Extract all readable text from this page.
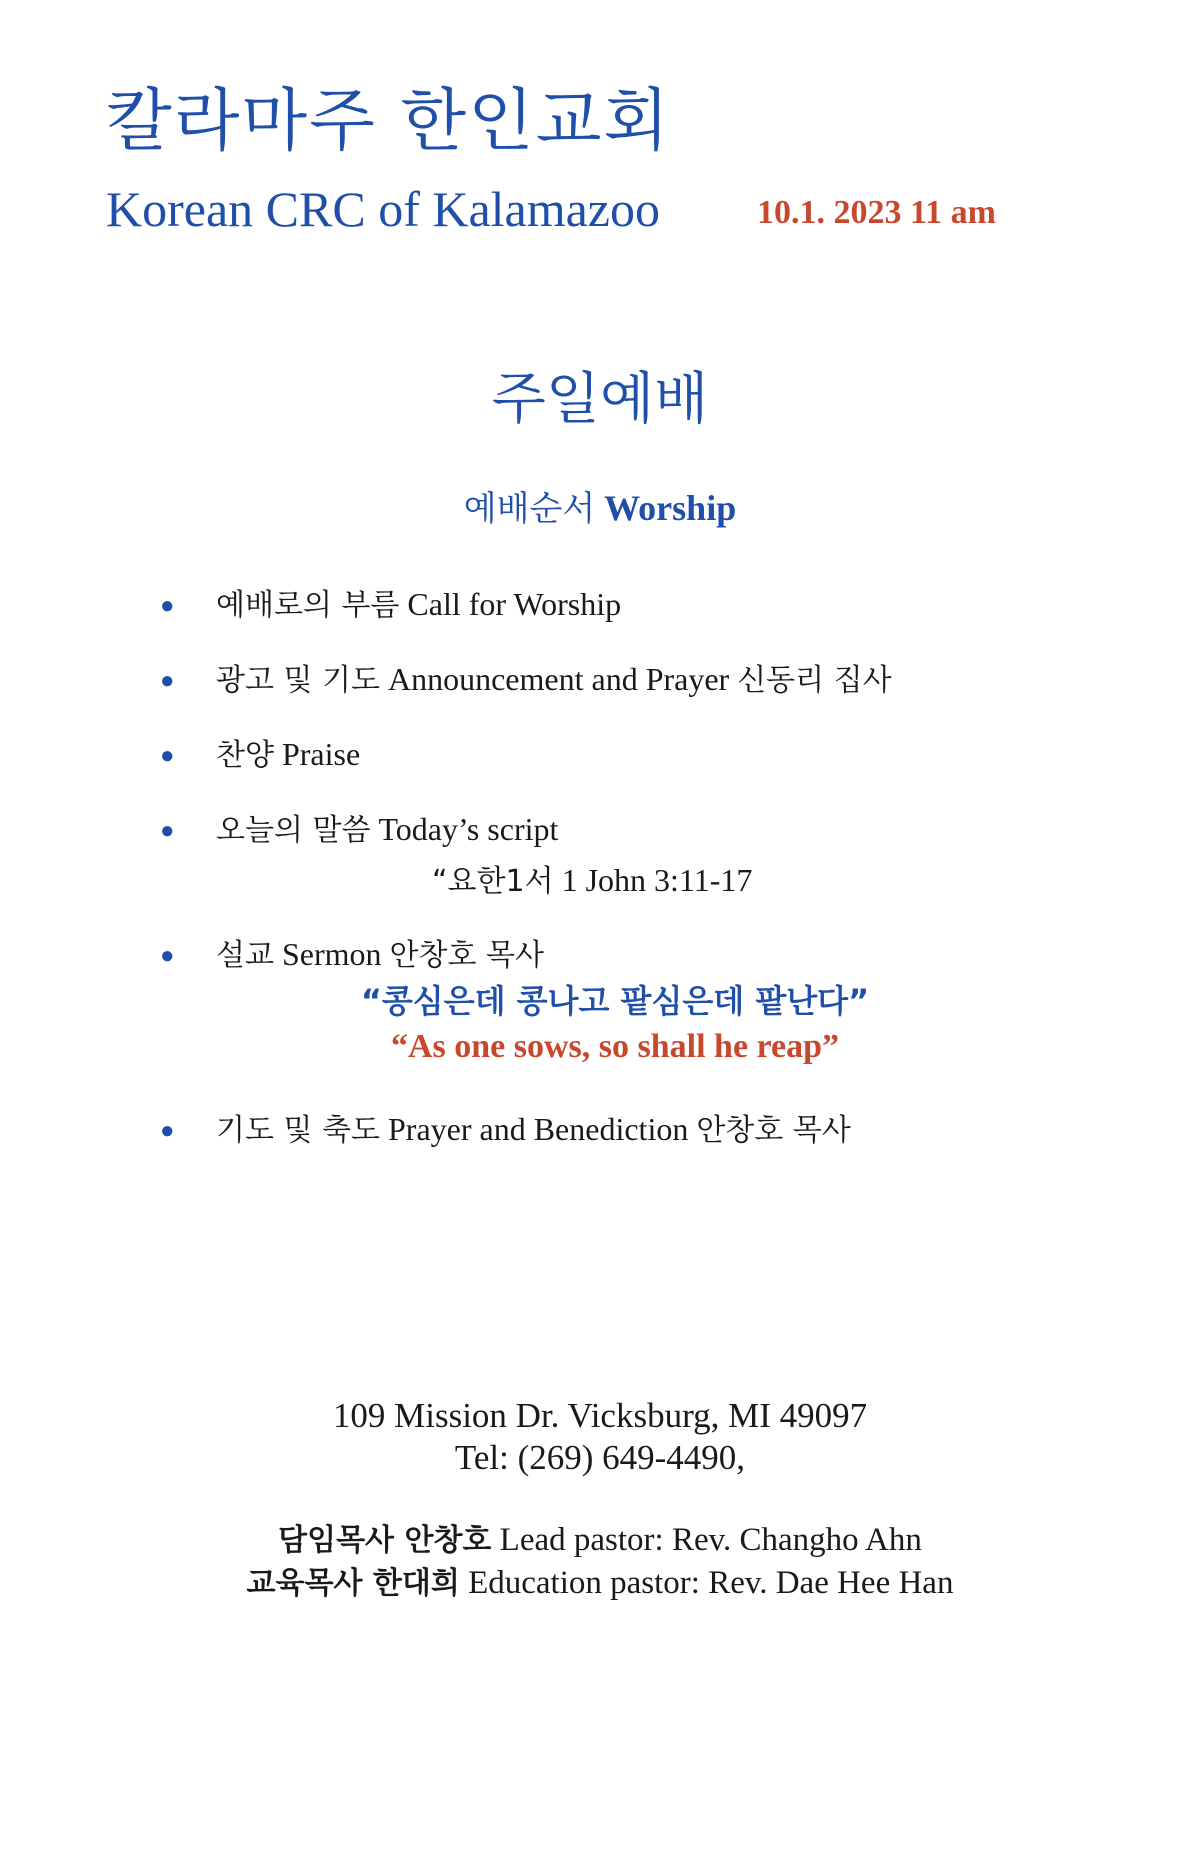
칼라마주 한인교회
Korean CRC of Kalamazoo	10.1. 2023 11 am
주일예배
예배순서 Worship
● 예배로의 부름 Call for Worship
● 광고 및 기도 Announcement and Prayer 신동리 집사
● 찬양 Praise
● 오늘의 말씀 Today’s script
“요한1서 1 John 3:11-17
● 설교 Sermon 안창호 목사
“콩심은데 콩나고 팥심은데 팥난다”
“As one sows, so shall he reap”
● 기도 및 축도 Prayer and Benediction 안창호 목사
109 Mission Dr. Vicksburg, MI 49097
Tel: (269) 649-4490,
담임목사 안창호 Lead pastor: Rev. Changho Ahn
교육목사 한대희 Education pastor: Rev. Dae Hee Han
